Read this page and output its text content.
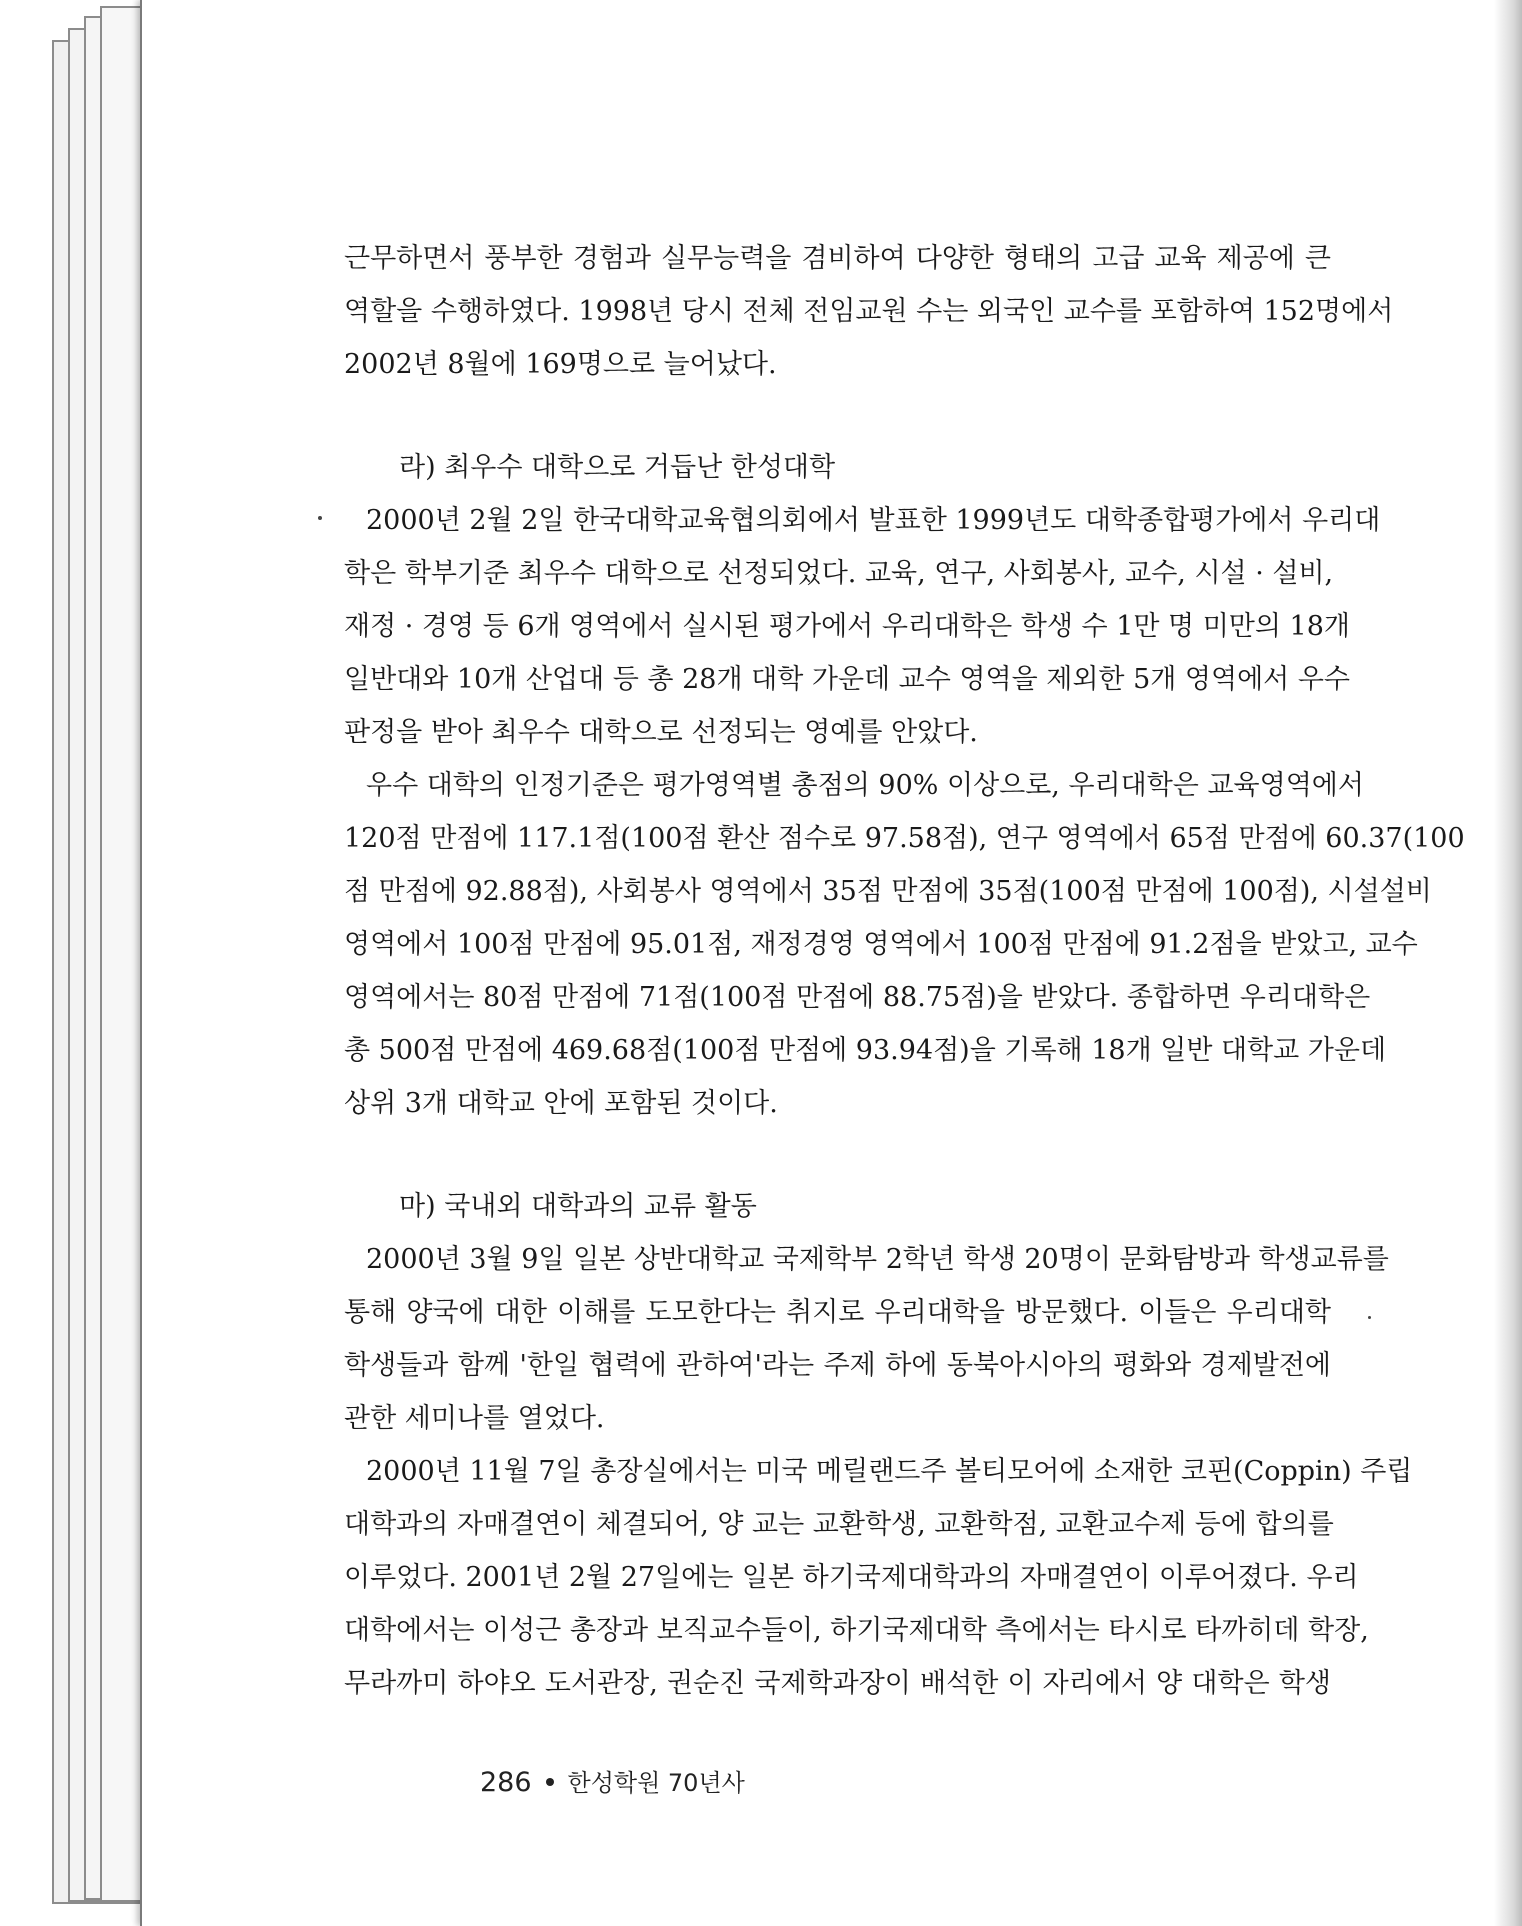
근무하면서 풍부한 경험과 실무능력을 겸비하여 다양한 형태의 고급 교육 제공에 큰
역할을 수행하였다. 1998년 당시 전체 전임교원 수는 외국인 교수를 포함하여 152명에서
2002년 8월에 169명으로 늘어났다.
라) 최우수 대학으로 거듭난 한성대학
2000년 2월 2일 한국대학교육협의회에서 발표한 1999년도 대학종합평가에서 우리대
학은 학부기준 최우수 대학으로 선정되었다. 교육, 연구, 사회봉사, 교수, 시설 · 설비,
재정 · 경영 등 6개 영역에서 실시된 평가에서 우리대학은 학생 수 1만 명 미만의 18개
일반대와 10개 산업대 등 총 28개 대학 가운데 교수 영역을 제외한 5개 영역에서 우수
판정을 받아 최우수 대학으로 선정되는 영예를 안았다.
우수 대학의 인정기준은 평가영역별 총점의 90% 이상으로, 우리대학은 교육영역에서
120점 만점에 117.1점(100점 환산 점수로 97.58점), 연구 영역에서 65점 만점에 60.37(100
점 만점에 92.88점), 사회봉사 영역에서 35점 만점에 35점(100점 만점에 100점), 시설설비
영역에서 100점 만점에 95.01점, 재정경영 영역에서 100점 만점에 91.2점을 받았고, 교수
영역에서는 80점 만점에 71점(100점 만점에 88.75점)을 받았다. 종합하면 우리대학은
총 500점 만점에 469.68점(100점 만점에 93.94점)을 기록해 18개 일반 대학교 가운데
상위 3개 대학교 안에 포함된 것이다.
마) 국내외 대학과의 교류 활동
2000년 3월 9일 일본 상반대학교 국제학부 2학년 학생 20명이 문화탐방과 학생교류를
통해 양국에 대한 이해를 도모한다는 취지로 우리대학을 방문했다. 이들은 우리대학
학생들과 함께 '한일 협력에 관하여'라는 주제 하에 동북아시아의 평화와 경제발전에
관한 세미나를 열었다.
2000년 11월 7일 총장실에서는 미국 메릴랜드주 볼티모어에 소재한 코핀(Coppin) 주립
대학과의 자매결연이 체결되어, 양 교는 교환학생, 교환학점, 교환교수제 등에 합의를
이루었다. 2001년 2월 27일에는 일본 하기국제대학과의 자매결연이 이루어졌다. 우리
대학에서는 이성근 총장과 보직교수들이, 하기국제대학 측에서는 타시로 타까히데 학장,
무라까미 하야오 도서관장, 권순진 국제학과장이 배석한 이 자리에서 양 대학은 학생
286 한성학원 70년사
